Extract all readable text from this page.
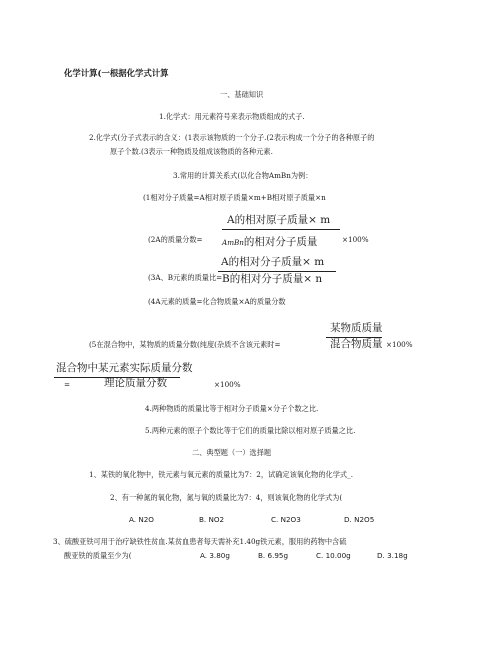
化学计算(一根据化学式计算
一、基础知识
1.化学式：用元素符号来表示物质组成的式子.
2.化学式(分子式表示的含义：(1表示该物质的一个分子.(2表示构成一个分子的各种原子的
原子个数.(3表示一种物质及组成该物质的各种元素.
3.常用的计算关系式(以化合物AmBn为例：
(1相对分子质量=A相对原子质量×m+B相对原子质量×n
(2A的质量分数=
A的相对原子质量× m
AmBn的相对分子质量	×100%
(3A、B元素的质量比=
A的相对分子质量× m
B的相对分子质量× n
(4A元素的质量=化合物质量×A的质量分数
(5在混合物中，某物质的质量分数(纯度(杂质不含该元素时=
某物质质量
混合物质量 ×100%
混合物中某元素实际质量分数
=	理论质量分数	×100%
4.两种物质的质量比等于相对分子质量×分子个数之比.
5.两种元素的原子个数比等于它们的质量比除以相对原子质量之比.
二、典型题（一）选择题
1、某铁的氧化物中，铁元素与氧元素的质量比为7：2，试确定该氧化物的化学式_.
2、有一种氮的氧化物，氮与氧的质量比为7：4，则该氧化物的化学式为(
A. N2O	B. NO2	C. N2O3	D. N2O5
3、硫酸亚铁可用于治疗缺铁性贫血.某贫血患者每天需补充1.40g铁元素，服用的药物中含硫
酸亚铁的质量至少为(	A. 3.80g	B. 6.95g	C. 10.00g	D. 3.18g
